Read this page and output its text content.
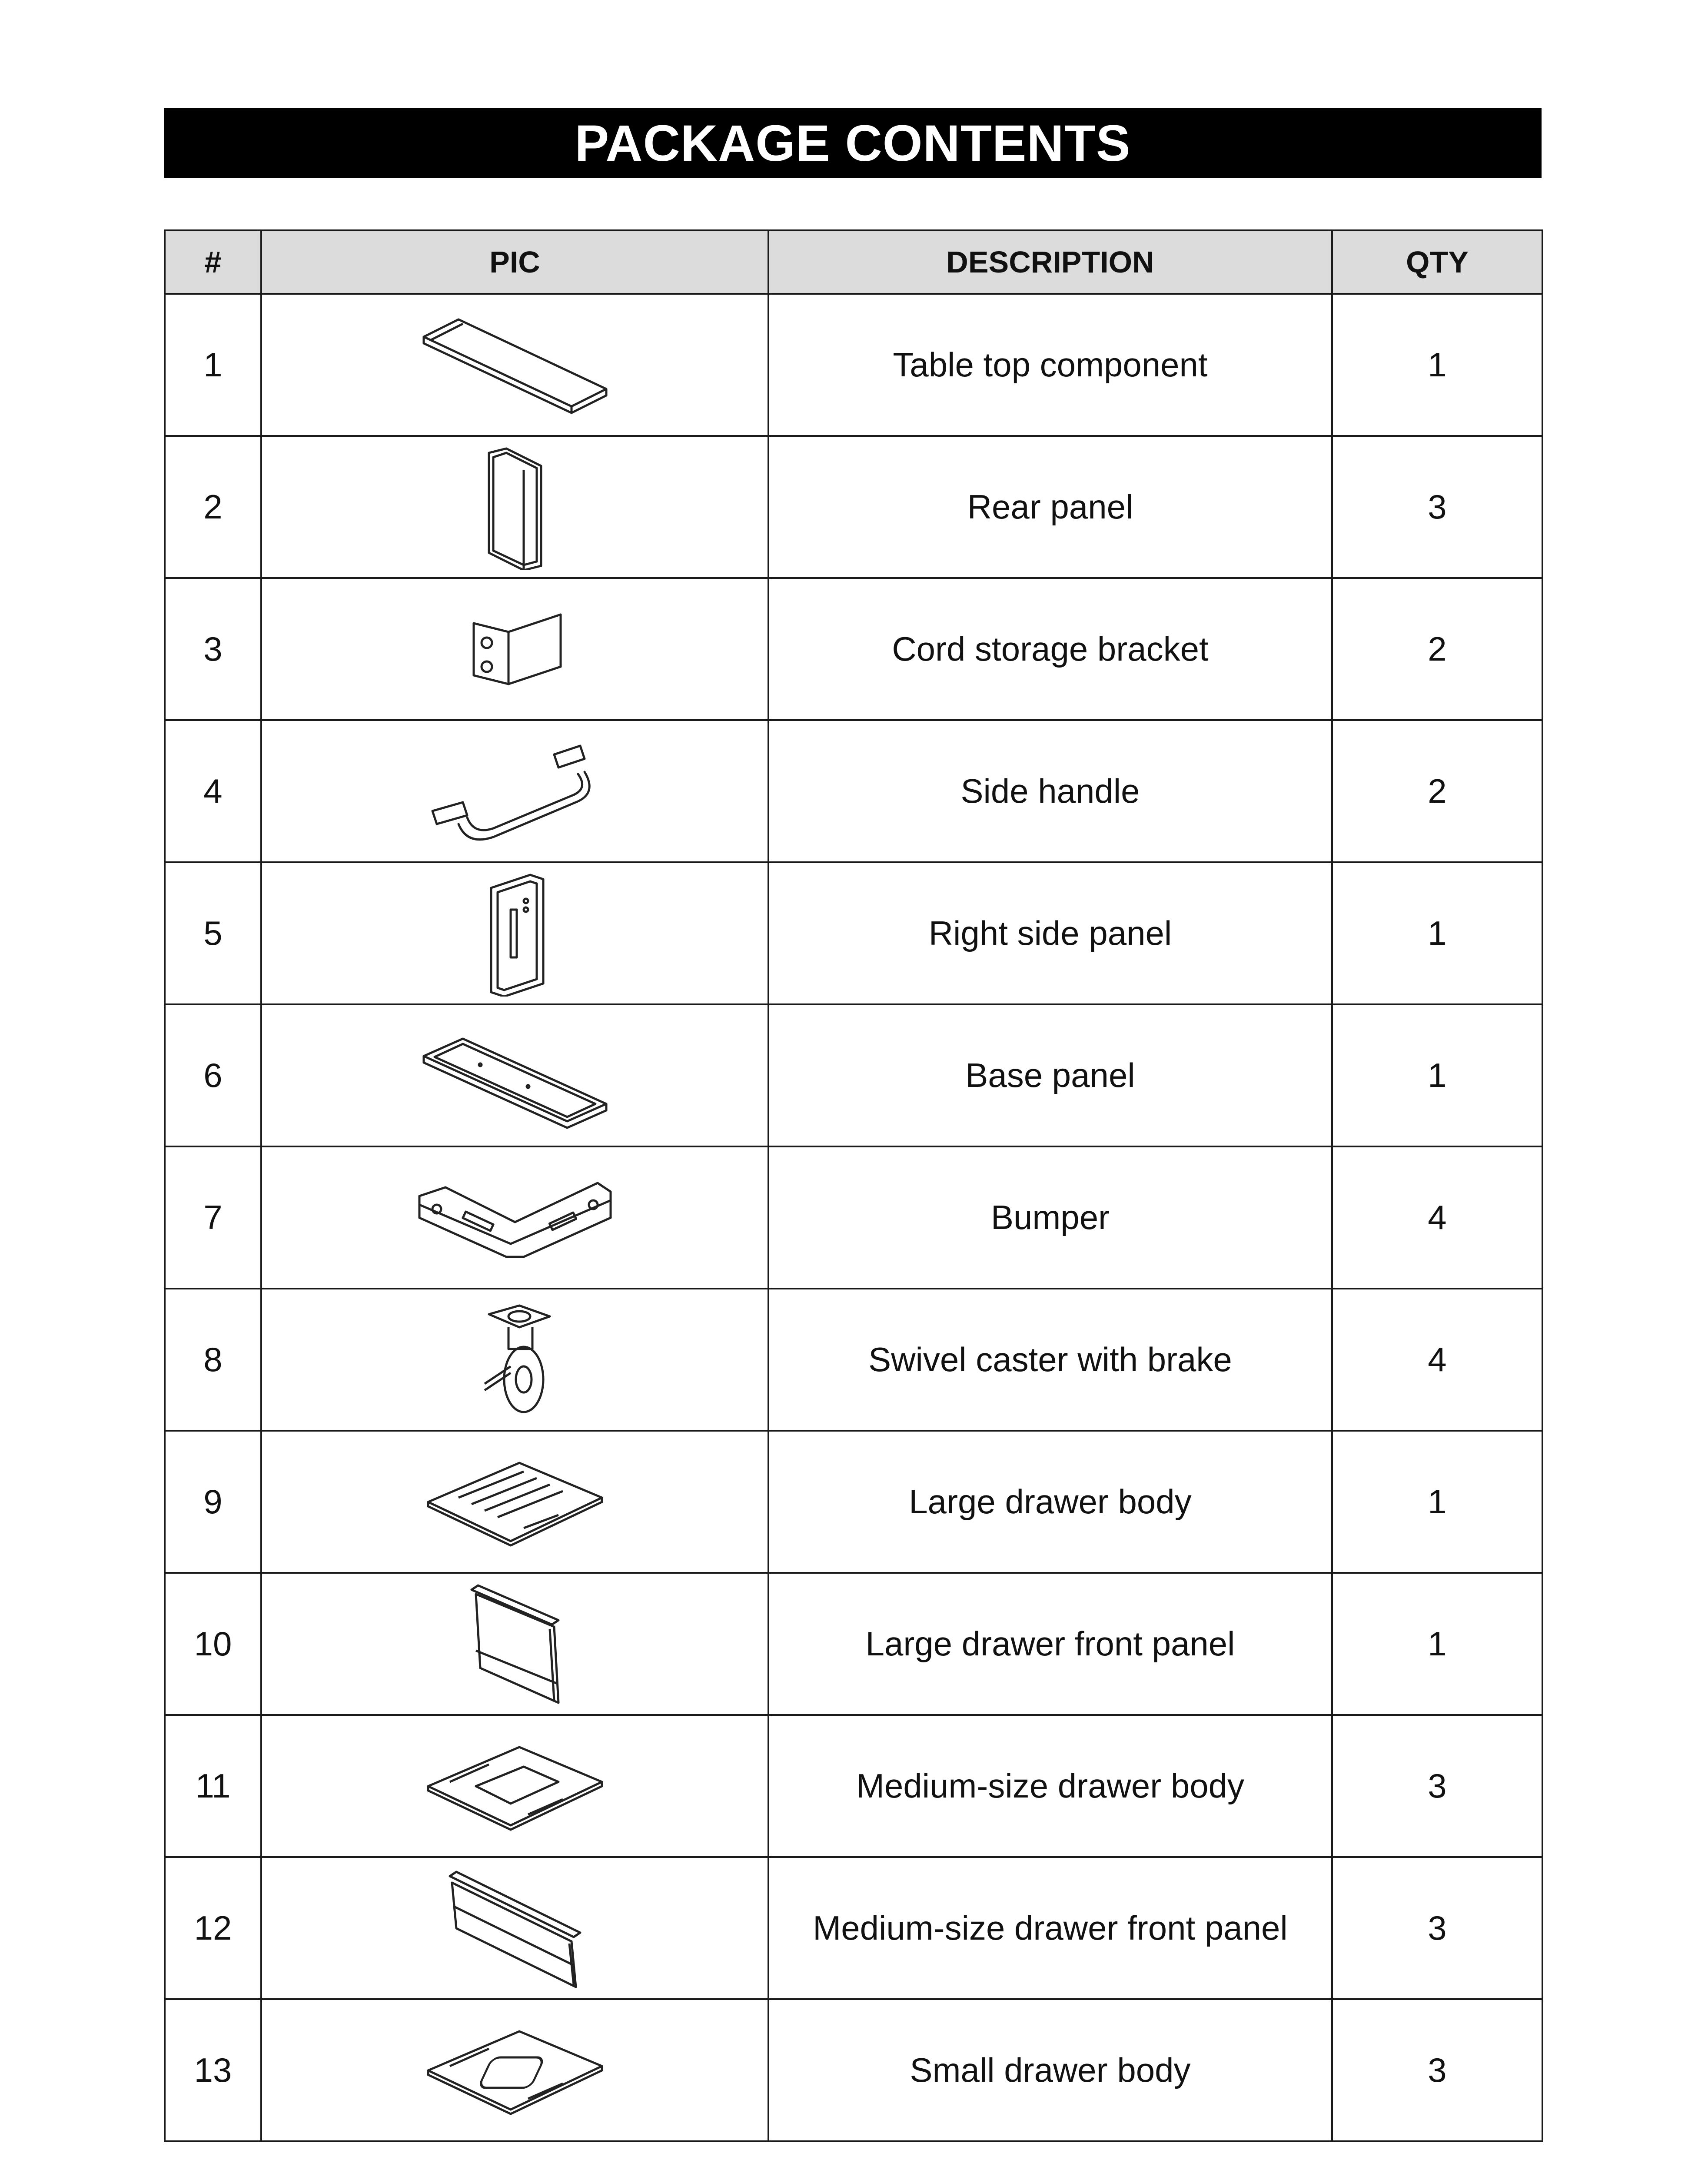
PACKAGE CONTENTS
#	PIC	DESCRIPTION	QTY
1		Table top component	1
2		Rear panel	3
3		Cord storage bracket	2
4		Side handle	2
5		Right side panel	1
6		Base panel	1
7		Bumper	4
8		Swivel caster with brake	4
9		Large drawer body	1
10		Large drawer front panel	1
11		Medium-size drawer body	3
12		Medium-size drawer front panel	3
13		Small drawer body	3
